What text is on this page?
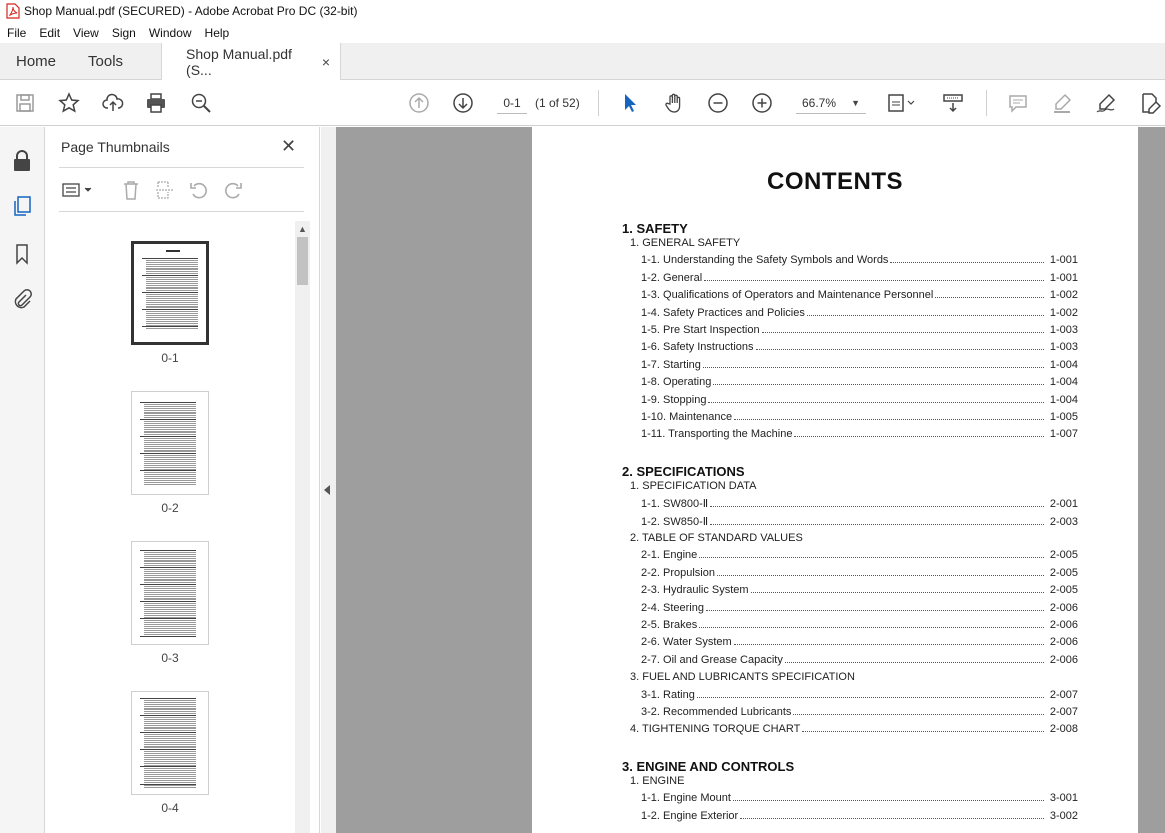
Shop Manual.pdf (SECURED) - Adobe Acrobat Pro DC (32-bit)
File	Edit	View	Sign	Window	Help
Home	Tools	Shop Manual.pdf (S...	×
0-1	(1 of 52)	66.7% ▼
Page Thumbnails	✕
0-1
0-2
0-3
0-4
▲
CONTENTS
1. SAFETY
1. GENERAL SAFETY
1-1. Understanding the Safety Symbols and Words	1-001
1-2. General	1-001
1-3. Qualifications of Operators and Maintenance Personnel	1-002
1-4. Safety Practices and Policies	1-002
1-5. Pre Start Inspection	1-003
1-6. Safety Instructions	1-003
1-7. Starting	1-004
1-8. Operating	1-004
1-9. Stopping	1-004
1-10. Maintenance	1-005
1-11. Transporting the Machine	1-007
2. SPECIFICATIONS
1. SPECIFICATION DATA
1-1. SW800-Ⅱ	2-001
1-2. SW850-Ⅱ	2-003
2. TABLE OF STANDARD VALUES
2-1. Engine	2-005
2-2. Propulsion	2-005
2-3. Hydraulic System	2-005
2-4. Steering	2-006
2-5. Brakes	2-006
2-6. Water System	2-006
2-7. Oil and Grease Capacity	2-006
3. FUEL AND LUBRICANTS SPECIFICATION
3-1. Rating	2-007
3-2. Recommended Lubricants	2-007
4. TIGHTENING TORQUE CHART	2-008
3. ENGINE AND CONTROLS
1. ENGINE
1-1. Engine Mount	3-001
1-2. Engine Exterior	3-002
